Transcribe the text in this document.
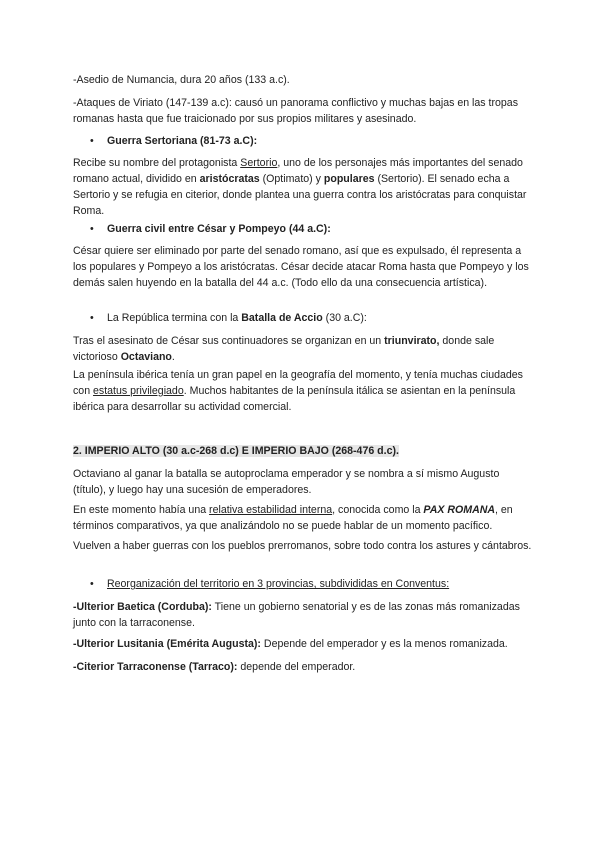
-Asedio de Numancia, dura 20 años (133 a.c).

-Ataques de Viriato (147-139 a.c): causó un panorama conflictivo y muchas bajas en las tropas romanas hasta que fue traicionado por sus propios militares y asesinado.

• Guerra Sertoriana (81-73 a.C):

Recibe su nombre del protagonista Sertorio, uno de los personajes más importantes del senado romano actual, dividido en aristócratas (Optimato) y populares (Sertorio). El senado echa a Sertorio y se refugia en citerior, donde plantea una guerra contra los aristócratas para conquistar Roma.

• Guerra civil entre César y Pompeyo (44 a.C):

César quiere ser eliminado por parte del senado romano, así que es expulsado, él representa a los populares y Pompeyo a los aristócratas. César decide atacar Roma hasta que Pompeyo y los demás salen huyendo en la batalla del 44 a.c. (Todo ello da una consecuencia artística).

• La República termina con la Batalla de Accio (30 a.C):

Tras el asesinato de César sus continuadores se organizan en un triunvirato, donde sale victorioso Octaviano.

La península ibérica tenía un gran papel en la geografía del momento, y tenía muchas ciudades con estatus privilegiado. Muchos habitantes de la península itálica se asientan en la península ibérica para desarrollar su actividad comercial.

2. IMPERIO ALTO (30 a.c-268 d.c) E IMPERIO BAJO (268-476 d.c).

Octaviano al ganar la batalla se autoproclama emperador y se nombra a sí mismo Augusto (título), y luego hay una sucesión de emperadores.

En este momento había una relativa estabilidad interna, conocida como la PAX ROMANA, en términos comparativos, ya que analizándolo no se puede hablar de un momento pacífico.

Vuelven a haber guerras con los pueblos prerromanos, sobre todo contra los astures y cántabros.

• Reorganización del territorio en 3 provincias, subdivididas en Conventus:

-Ulterior Baetica (Corduba): Tiene un gobierno senatorial y es de las zonas más romanizadas junto con la tarraconense.

-Ulterior Lusitania (Emérita Augusta): Depende del emperador y es la menos romanizada.

-Citerior Tarraconense (Tarraco): depende del emperador.
